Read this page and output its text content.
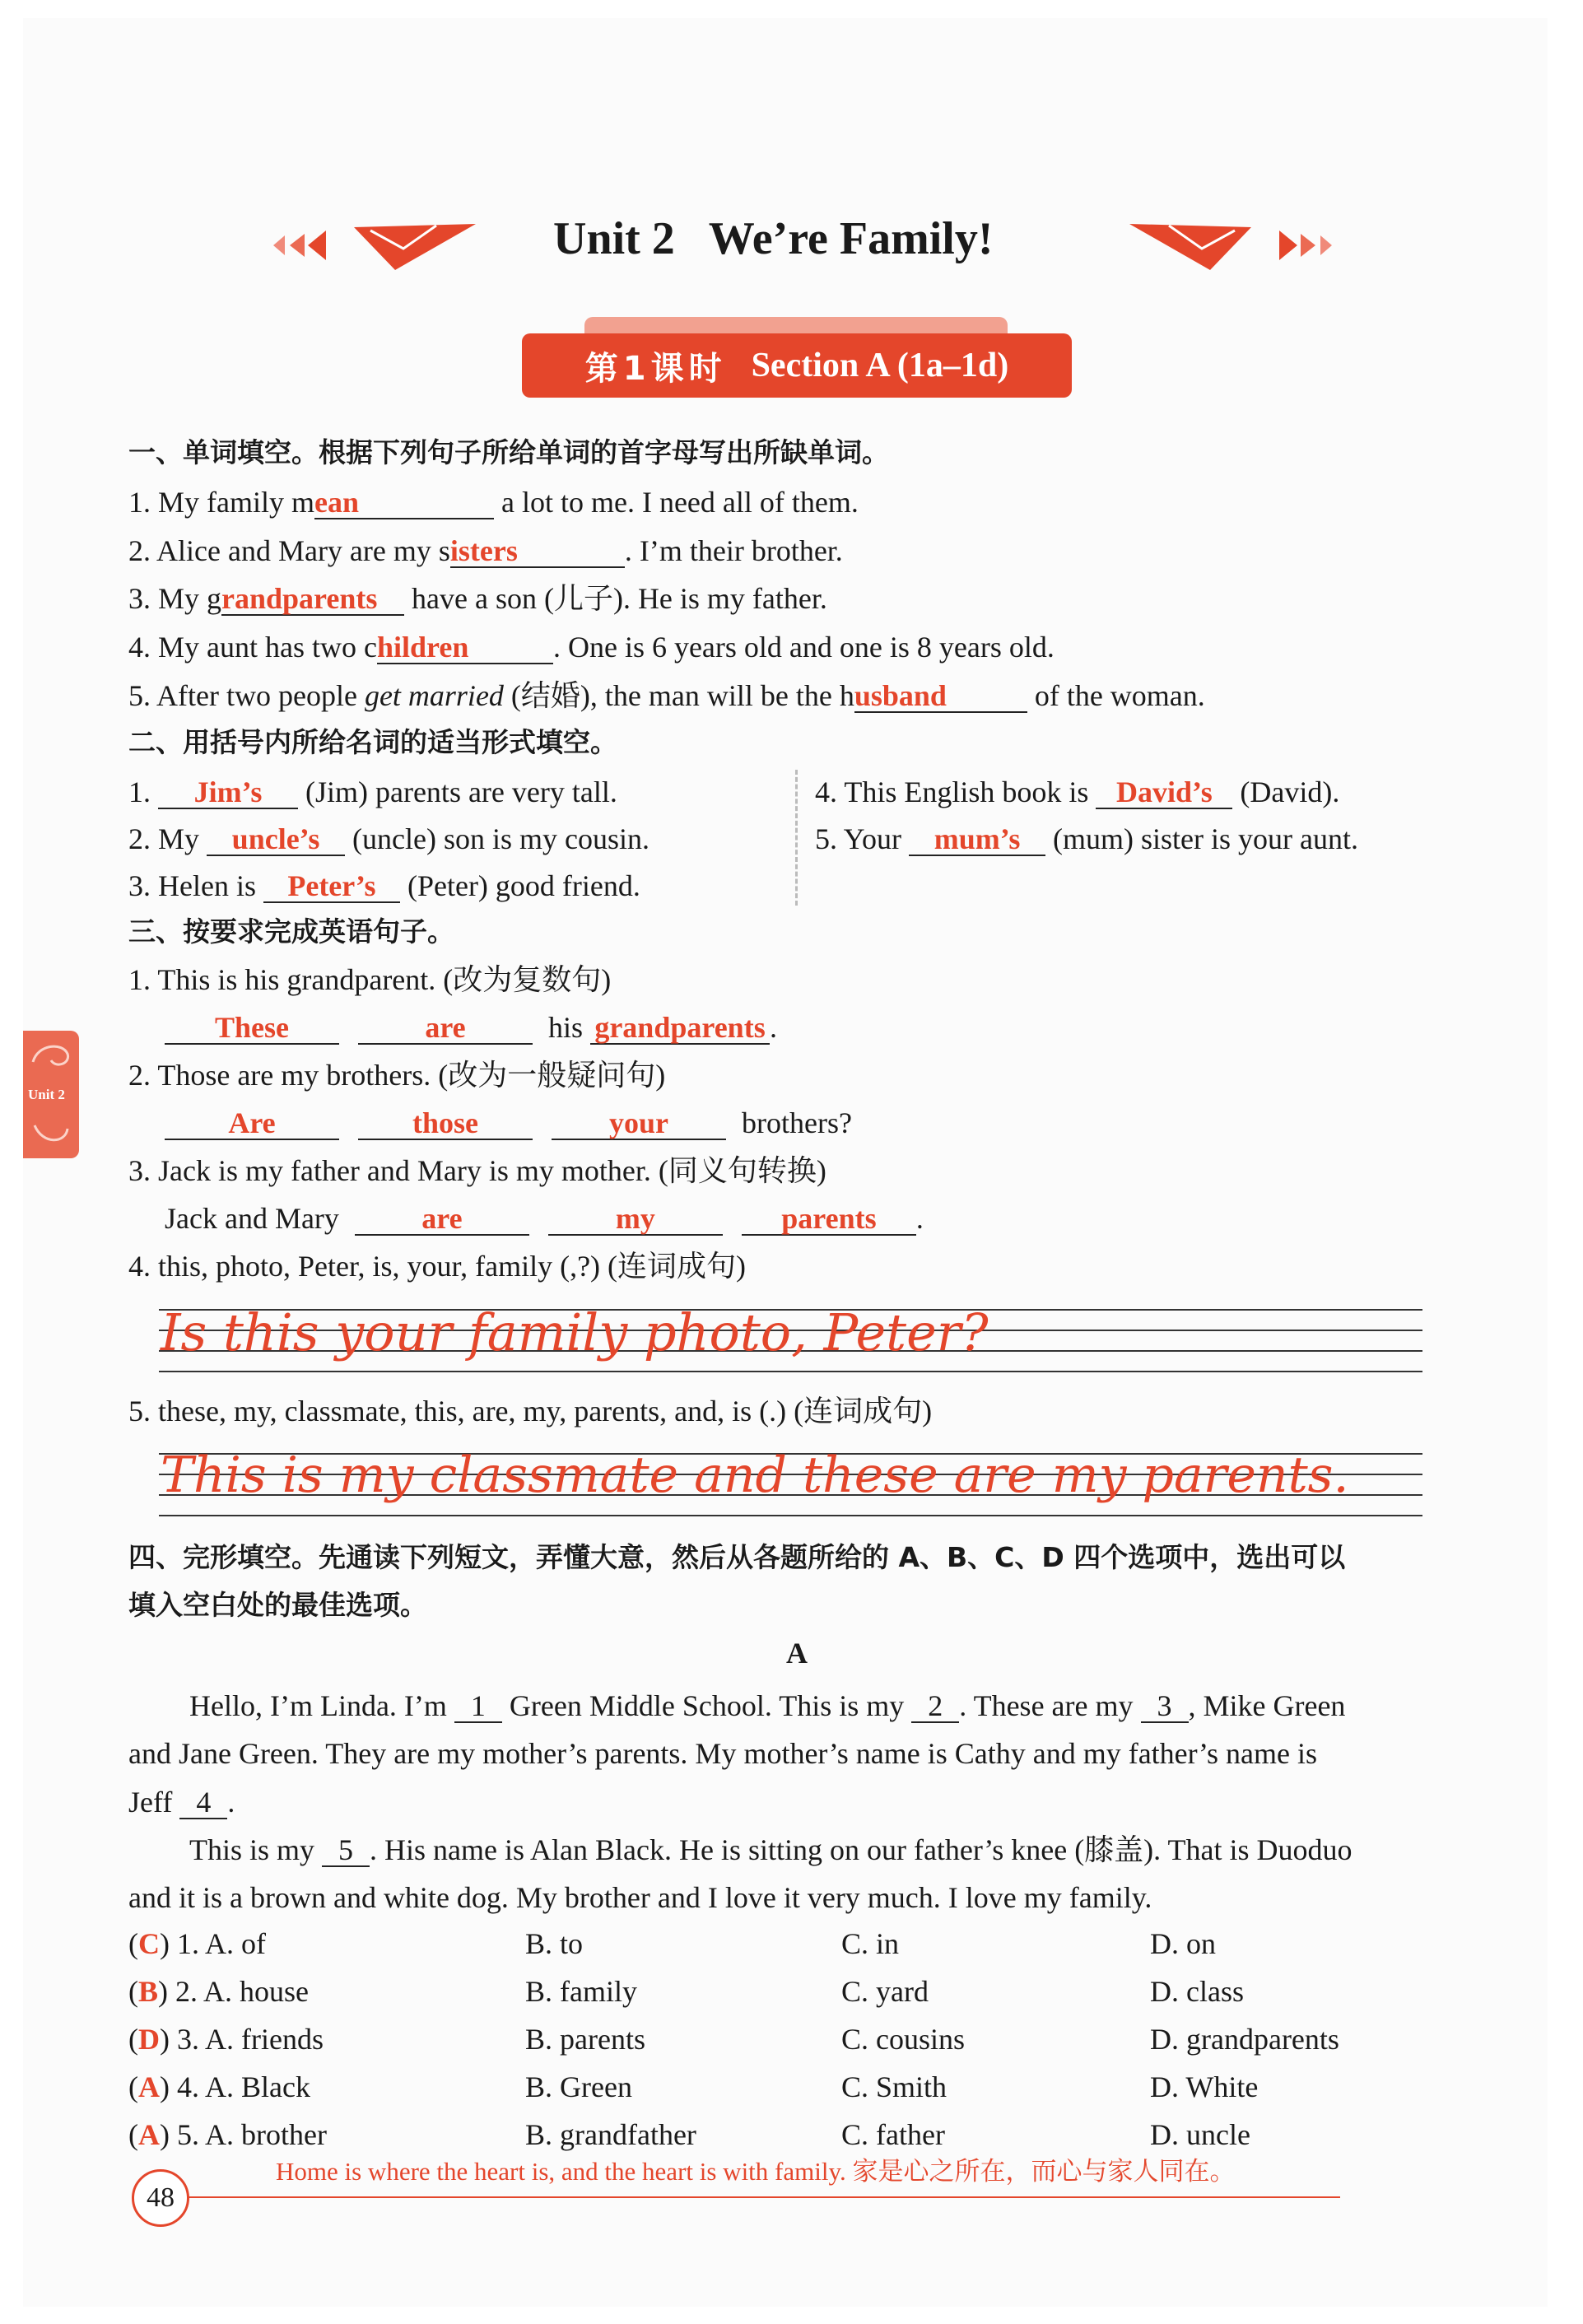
Unit 2   We’re Family!
第1课时 Section A (1a–1d)
Unit 2
一、单词填空。根据下列句子所给单词的首字母写出所缺单词。
1. My family mean	a lot to me. I need all of them.
2. Alice and Mary are my sisters	. I’m their brother.
3. My grandparents have a son (儿子). He is my father.
4. My aunt has two children	. One is 6 years old and one is 8 years old.
5. After two people get married (结婚), the man will be the husband	of the woman.
二、用括号内所给名词的适当形式填空。
1. Jim’s (Jim) parents are very tall.
2. My uncle’s (uncle) son is my cousin.
3. Helen is Peter’s (Peter) good friend.
4. This English book is David’s (David).
5. Your mum’s (mum) sister is your aunt.
三、按要求完成英语句子。
1. This is his grandparent. (改为复数句)
These	are	his grandparents .
2. Those are my brothers. (改为一般疑问句)
Are	those	your brothers?
3. Jack is my father and Mary is my mother. (同义句转换)
Jack and Mary	are	my	parents .
4. this, photo, Peter, is, your, family (,?) (连词成句)
Is this your family photo, Peter?
5. these, my, classmate, this, are, my, parents, and, is (.) (连词成句)
This is my classmate and these are my parents.
四、完形填空。先通读下列短文，弄懂大意，然后从各题所给的 A、B、C、D 四个选项中，选出可以
填入空白处的最佳选项。
A
Hello, I’m Linda. I’m 1 Green Middle School. This is my 2 . These are my 3 , Mike Green
and Jane Green. They are my mother’s parents. My mother’s name is Cathy and my father’s name is
Jeff 4 .
This is my 5 . His name is Alan Black. He is sitting on our father’s knee (膝盖). That is Duoduo
and it is a brown and white dog. My brother and I love it very much. I love my family.
(C) 1. A. of	B. to	C. in	D. on
(B) 2. A. house	B. family	C. yard	D. class
(D) 3. A. friends	B. parents	C. cousins	D. grandparents
(A) 4. A. Black	B. Green	C. Smith	D. White
(A) 5. A. brother	B. grandfather	C. father	D. uncle
48
Home is where the heart is, and the heart is with family. 家是心之所在，而心与家人同在。
